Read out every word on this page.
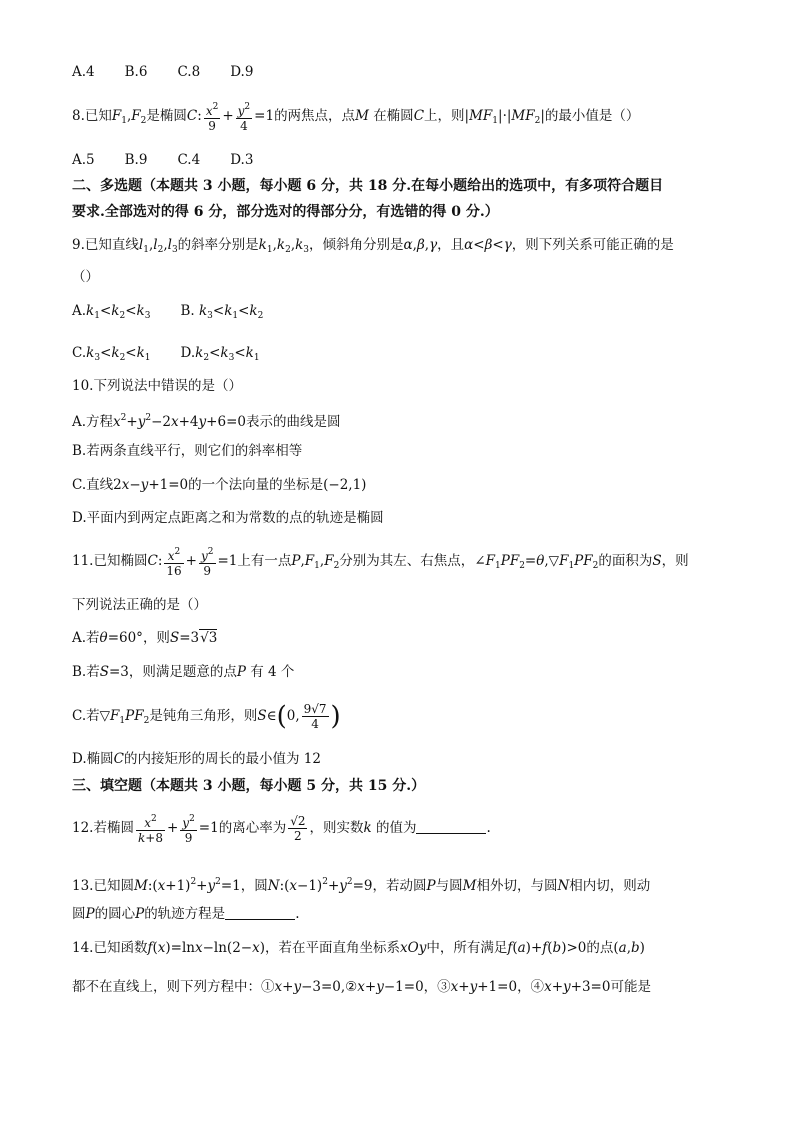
A.4 B.6 C.8 D.9
8.已知$F_1,F_2$是椭圆C: $\frac{x^2}{9} + \frac{y^2}{4} =1$的两焦点，点M 在椭圆C上，则$|MF_1|\cdot|MF_2|$的最小值是（）
A.5 B.9 C.4 D.3
二、多选题（本题共 3 小题，每小题 6 分，共 18 分.在每小题给出的选项中，有多项符合题目
要求.全部选对的得 6 分，部分选对的得部分分，有选错的得 0 分.）
9.已知直线$l_1,l_2,l_3$的斜率分别是$k_1,k_2,k_3$，倾斜角分别是α,β,γ，且α<β<γ，则下列关系可能正确的是
（）
$A.k_1<k_2<k_3$ B. $k_3<k_1<k_2$
$C.k_3<k_2<k_1$ $D.k_2<k_3<k_1$
10.下列说法中错误的是（）
A.方程$x^2+y^2-2x+4y+6=0$表示的曲线是圆
B.若两条直线平行，则它们的斜率相等
C.直线2x−y+1=0的一个法向量的坐标是(−2,1)
D.平面内到两定点距离之和为常数的点的轨迹是椭圆
11.已知椭圆C: $\frac{x^2}{16} + \frac{y^2}{9} =1$上有一点$P,F_1,F_2$分别为其左、右焦点，$\angle F_1PF_2=\theta,▽F_1PF_2$的面积为S，则
下列说法正确的是（）
A.若θ=60°，则S=3√3
B.若S=3，则满足题意的点P 有 4 个
C.若$▽F_1PF_2$是钝角三角形，则S∈(0, $\frac{9√7}{4}$ )
D.椭圆C的内接矩形的周长的最小值为 12
三、填空题（本题共 3 小题，每小题 5 分，共 15 分.）
12.若椭圆 $\frac{x^2}{k+8} + \frac{y^2}{9} =1$的离心率为 $\frac{√2}{2}$ ，则实数k 的值为	.
13.已知圆$M:(x+1)^2+y^2=1$，圆$N:(x-1)^2+y^2=9$，若动圆P与圆M相外切，与圆N相内切，则动
圆P的圆心P的轨迹方程是	.
14.已知函数f(x)=lnx−ln(2−x)，若在平面直角坐标系xOy中，所有满足f(a)+f(b)>0的点(a,b)
都不在直线上，则下列方程中：①x+y−3=0,②x+y−1=0，③x+y+1=0，④x+y+3=0可能是
